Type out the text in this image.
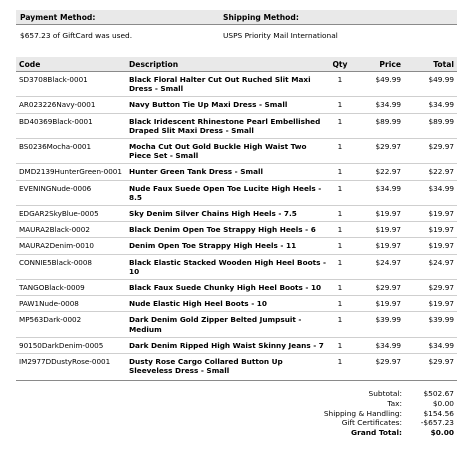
Payment Method:	Shipping Method:
$657.23 of GiftCard was used.	USPS Priority Mail International
Code	Description	Qty	Price	Total
SD3708Black-0001	Black Floral Halter Cut Out Ruched Slit Maxi Dress - Small	1	$49.99	$49.99
AR023226Navy-0001	Navy Button Tie Up Maxi Dress - Small	1	$34.99	$34.99
BD40369Black-0001	Black Iridescent Rhinestone Pearl Embellished Draped Slit Maxi Dress - Small	1	$89.99	$89.99
BS0236Mocha-0001	Mocha Cut Out Gold Buckle High Waist Two Piece Set - Small	1	$29.97	$29.97
DMD2139HunterGreen-0001	Hunter Green Tank Dress - Small	1	$22.97	$22.97
EVENINGNude-0006	Nude Faux Suede Open Toe Lucite High Heels - 8.5	1	$34.99	$34.99
EDGAR2SkyBlue-0005	Sky Denim Silver Chains High Heels - 7.5	1	$19.97	$19.97
MAURA2Black-0002	Black Denim Open Toe Strappy High Heels - 6	1	$19.97	$19.97
MAURA2Denim-0010	Denim Open Toe Strappy High Heels - 11	1	$19.97	$19.97
CONNIE5Black-0008	Black Elastic Stacked Wooden High Heel Boots - 10	1	$24.97	$24.97
TANGOBlack-0009	Black Faux Suede Chunky High Heel Boots - 10	1	$29.97	$29.97
PAW1Nude-0008	Nude Elastic High Heel Boots - 10	1	$19.97	$19.97
MP563Dark-0002	Dark Denim Gold Zipper Belted Jumpsuit - Medium	1	$39.99	$39.99
90150DarkDenim-0005	Dark Denim Ripped High Waist Skinny Jeans - 7	1	$34.99	$34.99
IM2977DDustyRose-0001	Dusty Rose Cargo Collared Button Up Sleeveless Dress - Small	1	$29.97	$29.97
Subtotal:	$502.67
Tax:	$0.00
Shipping & Handling:	$154.56
Gift Certificates:	-$657.23
Grand Total:	$0.00
